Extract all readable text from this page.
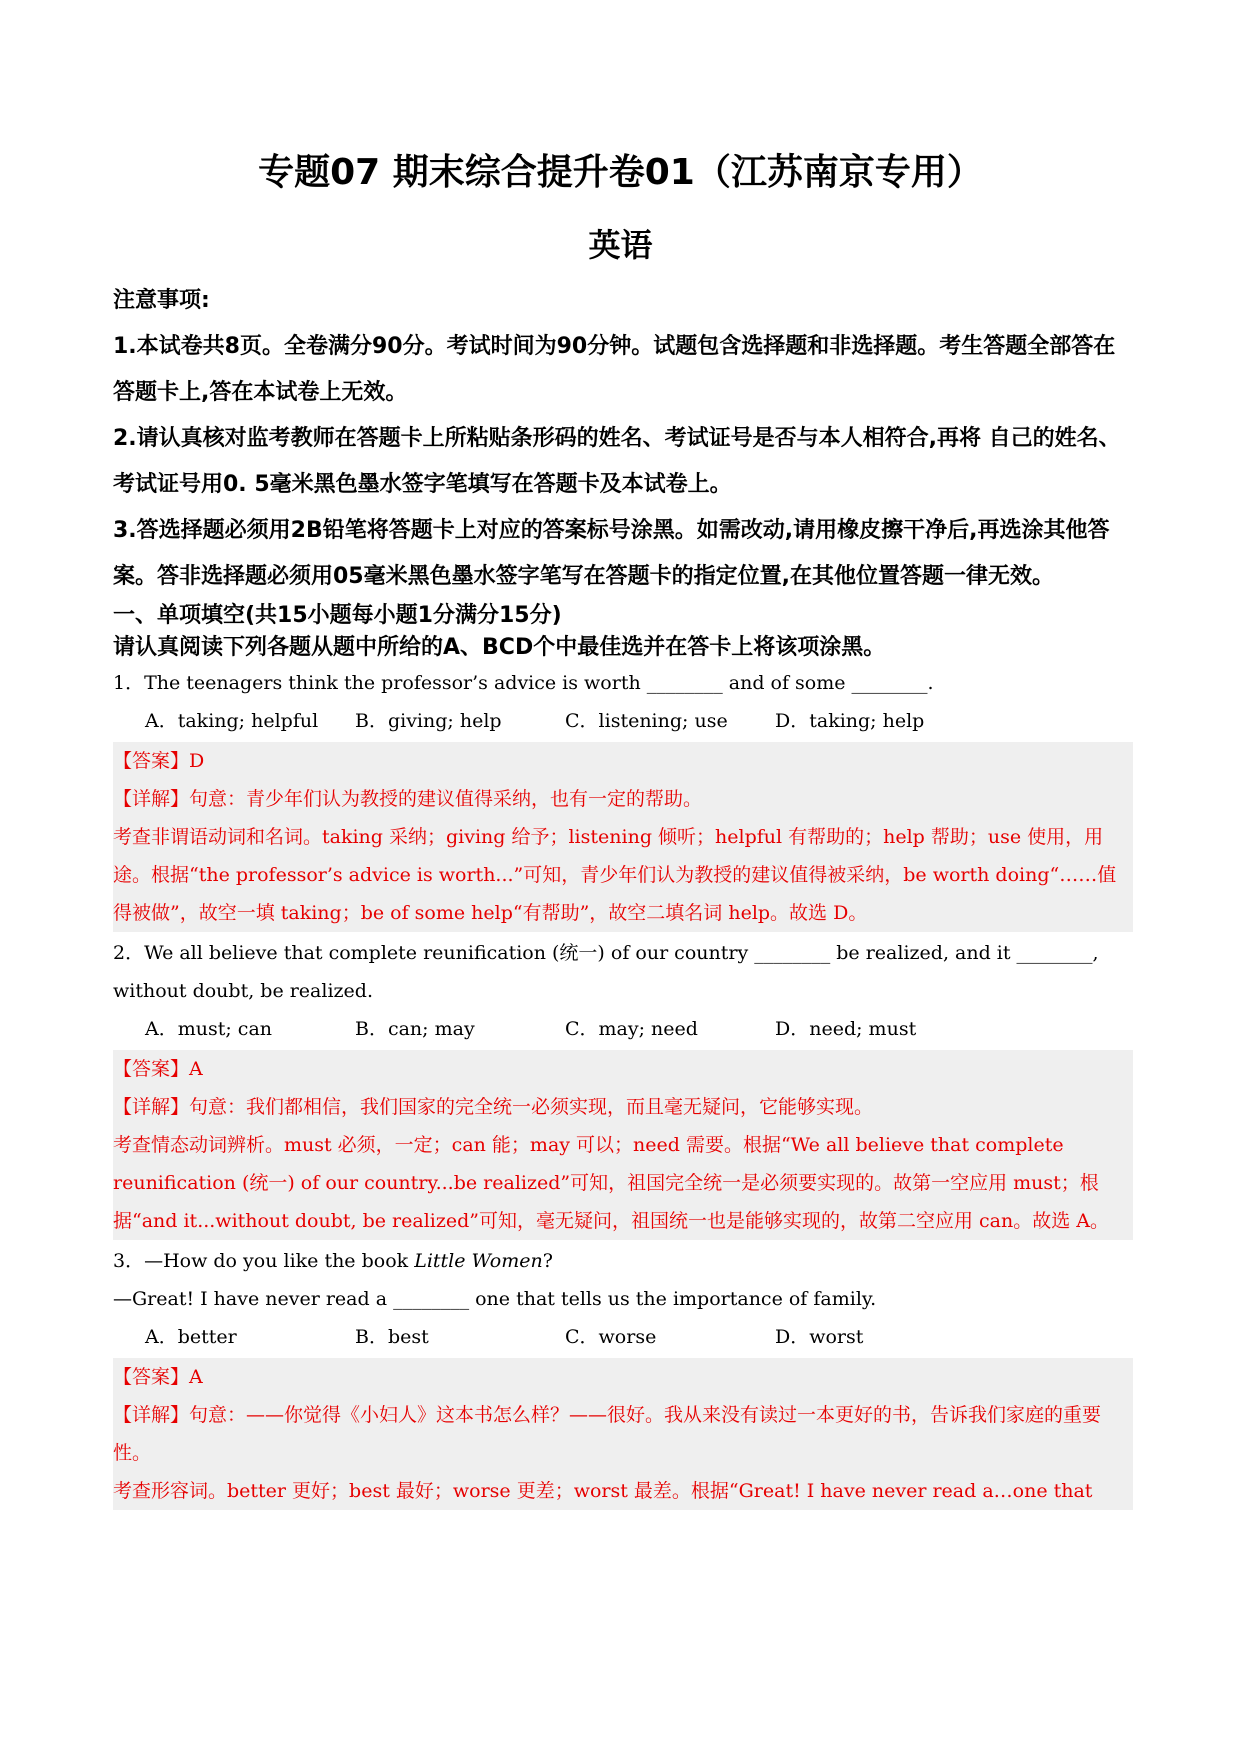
专题07 期末综合提升卷01（江苏南京专用）
英语
注意事项:
1.本试卷共8页。全卷满分90分。考试时间为90分钟。试题包含选择题和非选择题。考生答题全部答在答题卡上,答在本试卷上无效。
2.请认真核对监考教师在答题卡上所粘贴条形码的姓名、考试证号是否与本人相符合,再将 自己的姓名、考试证号用0. 5毫米黑色墨水签字笔填写在答题卡及本试卷上。
3.答选择题必须用2B铅笔将答题卡上对应的答案标号涂黑。如需改动,请用橡皮擦干净后,再选涂其他答案。答非选择题必须用05毫米黑色墨水签字笔写在答题卡的指定位置,在其他位置答题一律无效。
一、单项填空(共15小题每小题1分满分15分)
请认真阅读下列各题从题中所给的A、BCD个中最佳选并在答卡上将该项涂黑。
1．The teenagers think the professor’s advice is worth ________ and of some ________.
A．taking; helpful B．giving; help	C．listening; use D．taking; help
【答案】D
【详解】句意：青少年们认为教授的建议值得采纳，也有一定的帮助。
考查非谓语动词和名词。taking 采纳；giving 给予；listening 倾听；helpful 有帮助的；help 帮助；use 使用，用途。根据“the professor’s advice is worth...”可知，青少年们认为教授的建议值得被采纳，be worth doing“……值得被做”，故空一填 taking；be of some help“有帮助”，故空二填名词 help。故选 D。
2．We all believe that complete reunification (统一) of our country ________ be realized, and it ________, without doubt, be realized.
A．must; can	B．can; may	C．may; need	D．need; must
【答案】A
【详解】句意：我们都相信，我们国家的完全统一必须实现，而且毫无疑问，它能够实现。
考查情态动词辨析。must 必须，一定；can 能；may 可以；need 需要。根据“We all believe that complete reunification (统一) of our country...be realized”可知，祖国完全统一是必须要实现的。故第一空应用 must；根据“and it...without doubt, be realized”可知，毫无疑问，祖国统一也是能够实现的，故第二空应用 can。故选 A。
3．—How do you like the book Little Women?
—Great! I have never read a ________ one that tells us the importance of family.
A．better	B．best	C．worse	D．worst
【答案】A
【详解】句意：——你觉得《小妇人》这本书怎么样？——很好。我从来没有读过一本更好的书，告诉我们家庭的重要性。
考查形容词。better 更好；best 最好；worse 更差；worst 最差。根据“Great! I have never read a…one that
